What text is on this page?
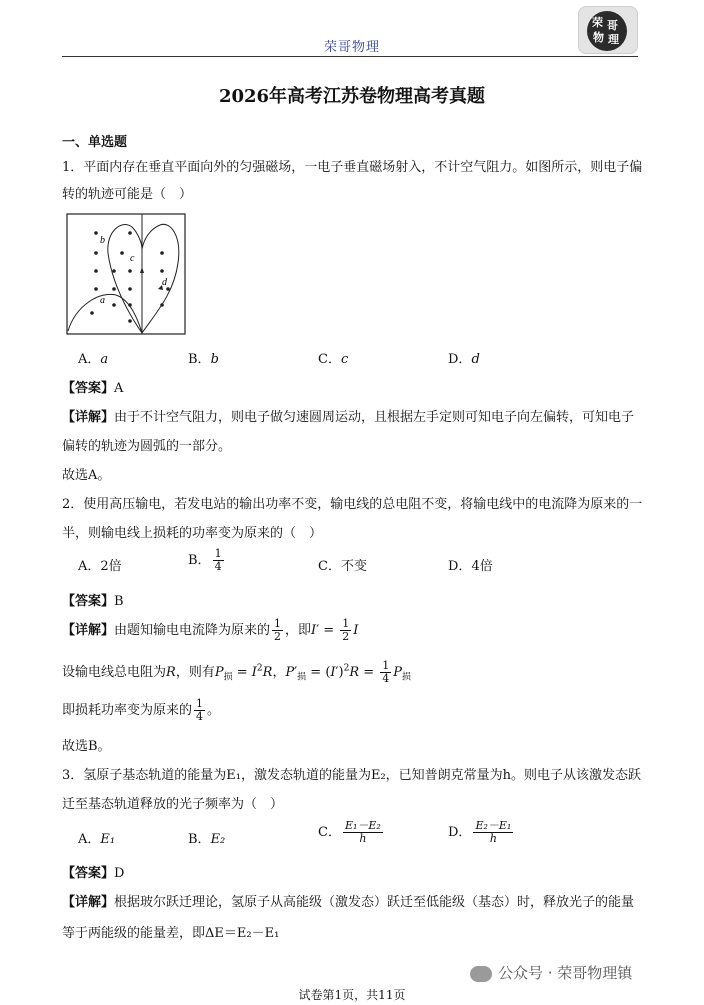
荣哥物理
荣 哥
物 理
2026年高考江苏卷物理高考真题
一、单选题
1．平面内存在垂直平面向外的匀强磁场，一电子垂直磁场射入，不计空气阻力。如图所示，则电子偏
转的轨迹可能是（　）
b
c
d
a
A．a	B．b	C．c	D．d
【答案】A
【详解】由于不计空气阻力，则电子做匀速圆周运动，且根据左手定则可知电子向左偏转，可知电子
偏转的轨迹为圆弧的一部分。
故选A。
2．使用高压输电，若发电站的输出功率不变，输电线的总电阻不变，将输电线中的电流降为原来的一
半，则输电线上损耗的功率变为原来的（　）
A．2倍	B． $\frac{1}{4}$	C．不变	D．4倍
【答案】B
【详解】由题知输电电流降为原来的 $\frac{1}{2}$ ，即$I' = \frac{1}{2}$ I
设输电线总电阻为R，则有$P_损 = I^2R$，$P'_损 = (I')^2R = \frac{1}{4} P_损$
即损耗功率变为原来的 $\frac{1}{4}$ 。
故选B。
3．氢原子基态轨道的能量为E₁，激发态轨道的能量为E₂，已知普朗克常量为h。则电子从该激发态跃
迁至基态轨道释放的光子频率为（　）
A．E₁	B．E₂	C． $\frac{\text{E₁－E₂}}{h}$	D． $\frac{\text{E₂－E₁}}{h}$
【答案】D
【详解】根据玻尔跃迁理论，氢原子从高能级（激发态）跃迁至低能级（基态）时，释放光子的能量
等于两能级的能量差，即ΔE＝E₂－E₁
公众号 · 荣哥物理镇
试卷第1页，共11页
